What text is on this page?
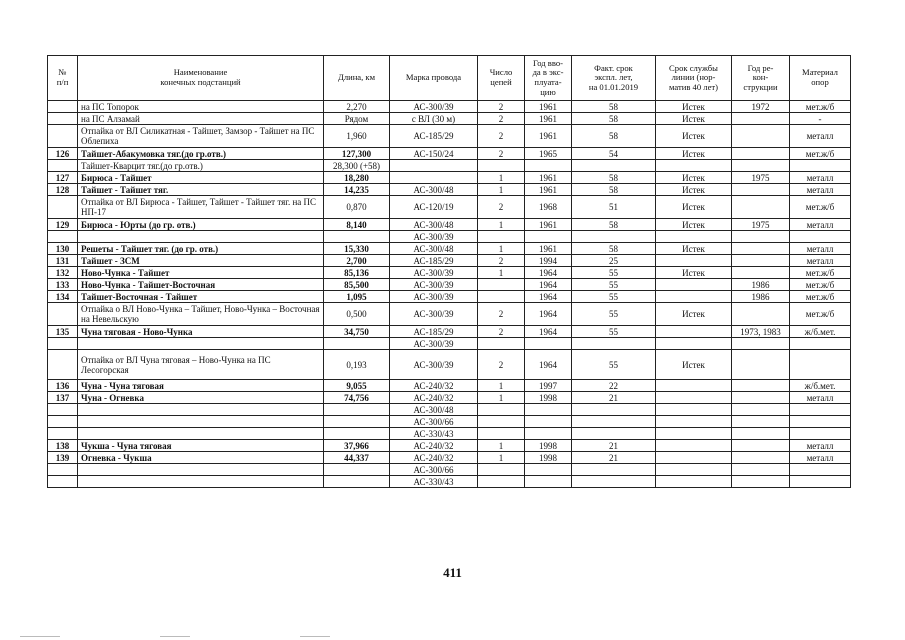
№
п/п	Наименование
конечных подстанций	Длина, км	Марка провода	Число
цепей	Год вво-
да в экс-
плуата-
цию	Факт. срок
экспл. лет,
на 01.01.2019	Срок службы
линии (нор-
матив 40 лет)	Год ре-
кон-
струкции	Материал
опор
	на ПС Топорок	2,270	АС-300/39	2	1961	58	Истек	1972	мет.ж/б
	на ПС Алзамай	Рядом	с ВЛ (30 м)	2	1961	58	Истек		-
	Отпайка от ВЛ Силикатная - Тайшет, Замзор - Тайшет на ПС Облепиха	1,960	АС-185/29	2	1961	58	Истек		металл
126	Тайшет-Абакумовка тяг.(до гр.отв.)	127,300	АС-150/24	2	1965	54	Истек		мет.ж/б
	Тайшет-Кварцит тяг.(до гр.отв.)	28,300 (+58)							
127	Бирюса - Тайшет	18,280		1	1961	58	Истек	1975	металл
128	Тайшет - Тайшет тяг.	14,235	АС-300/48	1	1961	58	Истек		металл
	Отпайка от ВЛ Бирюса - Тайшет, Тайшет - Тайшет тяг. на ПС НП-17	0,870	АС-120/19	2	1968	51	Истек		мет.ж/б
129	Бирюса - Юрты (до гр. отв.)	8,140	АС-300/48	1	1961	58	Истек	1975	металл
			АС-300/39						
130	Решеты - Тайшет тяг. (до гр. отв.)	15,330	АС-300/48	1	1961	58	Истек		металл
131	Тайшет - ЗСМ	2,700	АС-185/29	2	1994	25			металл
132	Ново-Чунка - Тайшет	85,136	АС-300/39	1	1964	55	Истек		мет.ж/б
133	Ново-Чунка - Тайшет-Восточная	85,500	АС-300/39		1964	55		1986	мет.ж/б
134	Тайшет-Восточная - Тайшет	1,095	АС-300/39		1964	55		1986	мет.ж/б
	Отпайка о ВЛ Ново-Чунка – Тайшет, Ново-Чунка – Восточная на Невельскую	0,500	АС-300/39	2	1964	55	Истек		мет.ж/б
135	Чуна тяговая - Ново-Чунка	34,750	АС-185/29	2	1964	55		1973, 1983	ж/б.мет.
			АС-300/39						
	Отпайка от ВЛ Чуна тяговая – Ново-Чунка на ПС Лесогорская	0,193	АС-300/39	2	1964	55	Истек		
136	Чуна - Чуна тяговая	9,055	АС-240/32	1	1997	22			ж/б.мет.
137	Чуна - Огневка	74,756	АС-240/32	1	1998	21			металл
			АС-300/48						
			АС-300/66						
			АС-330/43						
138	Чукша - Чуна тяговая	37,966	АС-240/32	1	1998	21			металл
139	Огневка - Чукша	44,337	АС-240/32	1	1998	21			металл
			АС-300/66						
			АС-330/43						
411
